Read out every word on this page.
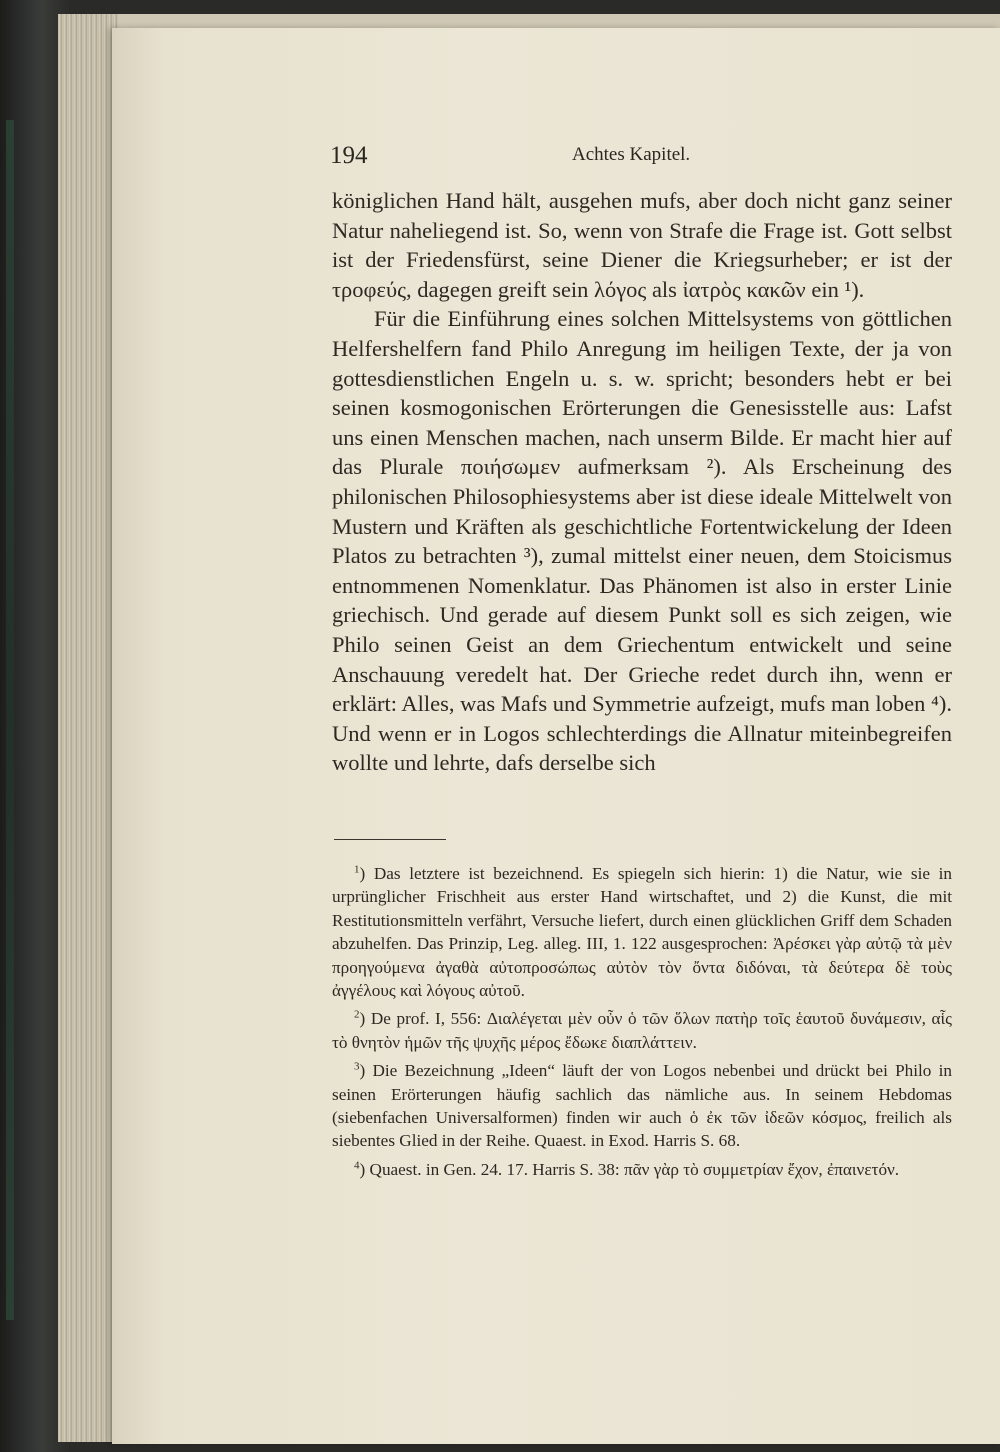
194	Achtes Kapitel.

königlichen Hand hält, ausgehen mufs, aber doch nicht ganz seiner Natur naheliegend ist. So, wenn von Strafe die Frage ist. Gott selbst ist der Friedensfürst, seine Diener die Kriegsurheber; er ist der τροφεύς, dagegen greift sein λόγος als ἰατρὸς κακῶν ein ¹).

Für die Einführung eines solchen Mittelsystems von göttlichen Helfershelfern fand Philo Anregung im heiligen Texte, der ja von gottesdienstlichen Engeln u. s. w. spricht; besonders hebt er bei seinen kosmogonischen Erörterungen die Genesisstelle aus: Lafst uns einen Menschen machen, nach unserm Bilde. Er macht hier auf das Plurale ποιήσωμεν aufmerksam ²). Als Erscheinung des philonischen Philosophiesystems aber ist diese ideale Mittelwelt von Mustern und Kräften als geschichtliche Fortentwickelung der Ideen Platos zu betrachten ³), zumal mittelst einer neuen, dem Stoicismus entnommenen Nomenklatur. Das Phänomen ist also in erster Linie griechisch. Und gerade auf diesem Punkt soll es sich zeigen, wie Philo seinen Geist an dem Griechentum entwickelt und seine Anschauung veredelt hat. Der Grieche redet durch ihn, wenn er erklärt: Alles, was Mafs und Symmetrie aufzeigt, mufs man loben ⁴). Und wenn er in Logos schlechterdings die Allnatur miteinbegreifen wollte und lehrte, dafs derselbe sich

$^1$) Das letztere ist bezeichnend. Es spiegeln sich hierin: 1) die Natur, wie sie in urprünglicher Frischheit aus erster Hand wirtschaftet, und 2) die Kunst, die mit Restitutionsmitteln verfährt, Versuche liefert, durch einen glücklichen Griff dem Schaden abzuhelfen. Das Prinzip, Leg. alleg. III, 1. 122 ausgesprochen: Ἀρέσκει γὰρ αὐτῷ τὰ μὲν προηγούμενα ἀγαθὰ αὐτοπροσώπως αὐτὸν τὸν ὄντα διδόναι, τὰ δεύτερα δὲ τοὺς ἀγγέλους καὶ λόγους αὐτοῦ.

$^2$) De prof. I, 556: Διαλέγεται μὲν οὖν ὁ τῶν ὅλων πατὴρ τοῖς ἑαυτοῦ δυνάμεσιν, αἷς τὸ θνητὸν ἡμῶν τῆς ψυχῆς μέρος ἔδωκε διαπλάττειν.

$^3$) Die Bezeichnung „Ideen“ läuft der von Logos nebenbei und drückt bei Philo in seinen Erörterungen häufig sachlich das nämliche aus. In seinem Hebdomas (siebenfachen Universalformen) finden wir auch ὁ ἐκ τῶν ἰδεῶν κόσμος, freilich als siebentes Glied in der Reihe. Quaest. in Exod. Harris S. 68.

$^4$) Quaest. in Gen. 24. 17. Harris S. 38: πᾶν γὰρ τὸ συμμετρίαν ἔχον, ἐπαινετόν.
